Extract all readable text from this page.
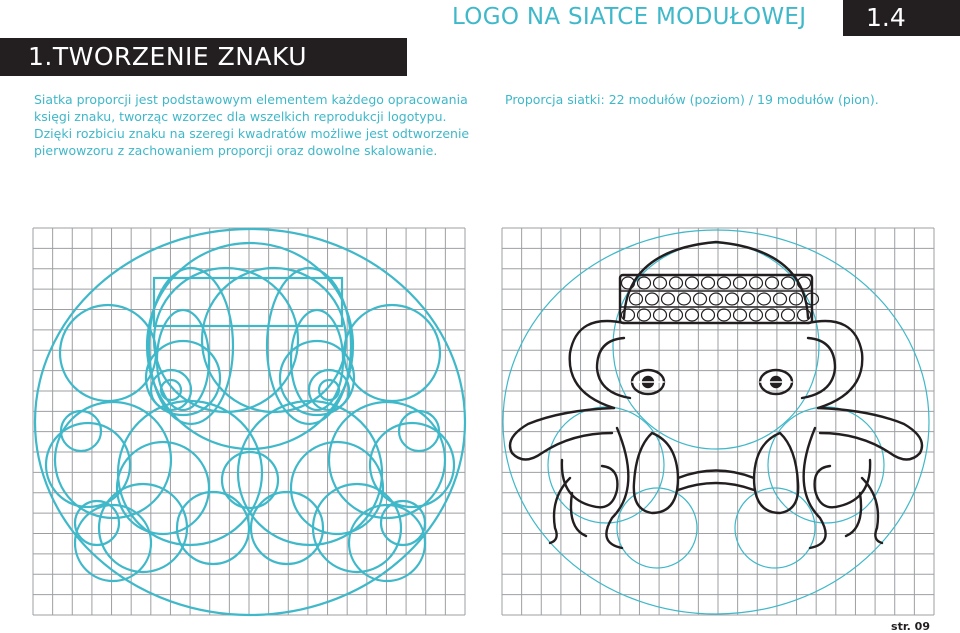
1.TWORZENIE ZNAKU
LOGO NA SIATCE MODUŁOWEJ 1.4

Siatka proporcji jest podstawowym elementem każdego opracowania księgi znaku, tworząc wzorzec dla wszelkich reprodukcji logotypu. Dzięki rozbiciu znaku na szeregi kwadratów możliwe jest odtworzenie pierwowzoru z zachowaniem proporcji oraz dowolne skalowanie.

Proporcja siatki: 22 modułów (poziom) / 19 modułów (pion).

str. 09
